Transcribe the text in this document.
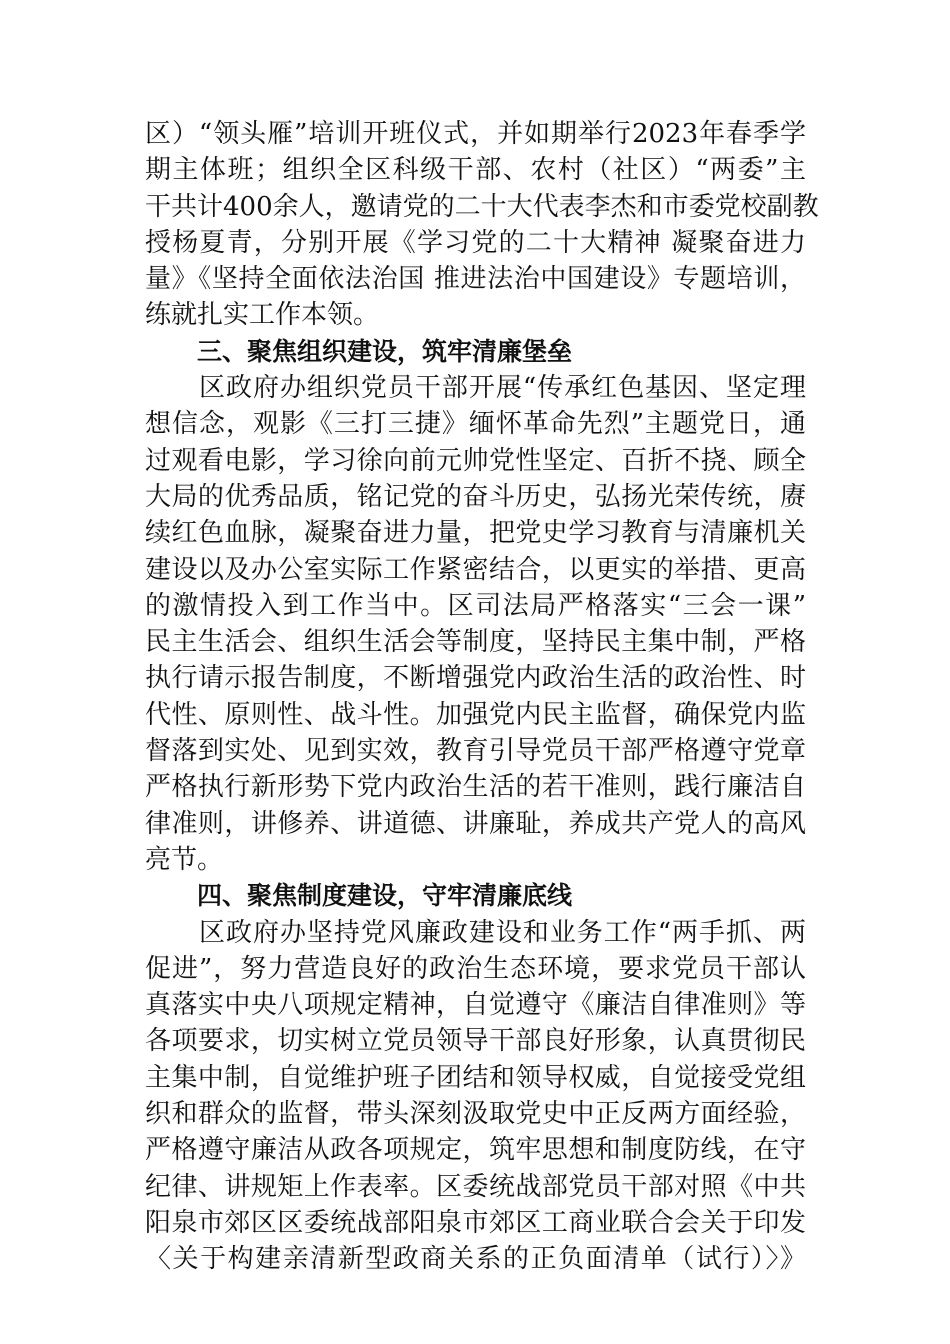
区）“领头雁”培训开班仪式，并如期举行2023年春季学
期主体班；组织全区科级干部、农村（社区）“两委”主
干共计400余人，邀请党的二十大代表李杰和市委党校副教
授杨夏青，分别开展《学习党的二十大精神 凝聚奋进力
量》《坚持全面依法治国 推进法治中国建设》专题培训，
练就扎实工作本领。
三、聚焦组织建设，筑牢清廉堡垒
　　区政府办组织党员干部开展“传承红色基因、坚定理
想信念，观影《三打三捷》缅怀革命先烈”主题党日，通
过观看电影，学习徐向前元帅党性坚定、百折不挠、顾全
大局的优秀品质，铭记党的奋斗历史，弘扬光荣传统，赓
续红色血脉，凝聚奋进力量，把党史学习教育与清廉机关
建设以及办公室实际工作紧密结合，以更实的举措、更高
的激情投入到工作当中。区司法局严格落实“三会一课”
民主生活会、组织生活会等制度，坚持民主集中制，严格
执行请示报告制度，不断增强党内政治生活的政治性、时
代性、原则性、战斗性。加强党内民主监督，确保党内监
督落到实处、见到实效，教育引导党员干部严格遵守党章
严格执行新形势下党内政治生活的若干准则，践行廉洁自
律准则，讲修养、讲道德、讲廉耻，养成共产党人的高风
亮节。
四、聚焦制度建设，守牢清廉底线
　　区政府办坚持党风廉政建设和业务工作“两手抓、两
促进”，努力营造良好的政治生态环境，要求党员干部认
真落实中央八项规定精神，自觉遵守《廉洁自律准则》等
各项要求，切实树立党员领导干部良好形象，认真贯彻民
主集中制，自觉维护班子团结和领导权威，自觉接受党组
织和群众的监督，带头深刻汲取党史中正反两方面经验，
严格遵守廉洁从政各项规定，筑牢思想和制度防线，在守
纪律、讲规矩上作表率。区委统战部党员干部对照《中共
阳泉市郊区区委统战部阳泉市郊区工商业联合会关于印发
〈关于构建亲清新型政商关系的正负面清单（试行）〉》
